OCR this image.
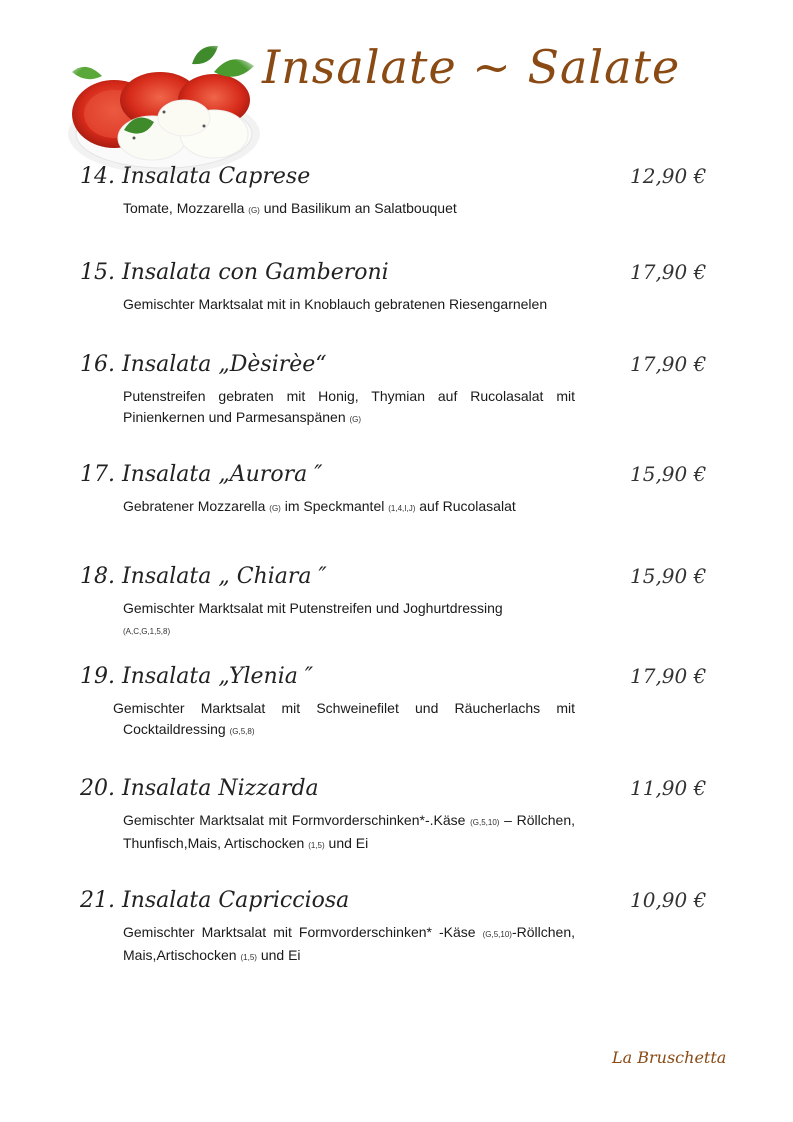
Insalate ~ Salate
14. Insalata Caprese	12,90 €
Tomate, Mozzarella (G) und Basilikum an Salatbouquet
15. Insalata con Gamberoni	17,90 €
Gemischter Marktsalat mit in Knoblauch gebratenen Riesengarnelen
16. Insalata „Dèsirèe“	17,90 €
Putenstreifen gebraten mit Honig, Thymian auf Rucolasalat mit Pinienkernen und Parmesanspänen (G)
17. Insalata „Aurora ″	15,90 €
Gebratener Mozzarella (G) im Speckmantel (1,4,I,J) auf Rucolasalat
18. Insalata „ Chiara ″	15,90 €
Gemischter Marktsalat mit Putenstreifen und Joghurtdressing
(A,C,G,1,5,8)
19. Insalata „Ylenia ″	17,90 €
Gemischter Marktsalat mit Schweinefilet und Räucherlachs mit Cocktaildressing (G,5,8)
20. Insalata Nizzarda	11,90 €
Gemischter Marktsalat mit Formvorderschinken*-.Käse (G,5,10) – Röllchen, Thunfisch,Mais, Artischocken (1,5) und Ei
21. Insalata Capricciosa	10,90 €
Gemischter Marktsalat mit Formvorderschinken* -Käse (G,5,10)-Röllchen, Mais,Artischocken (1,5) und Ei
La Bruschetta
